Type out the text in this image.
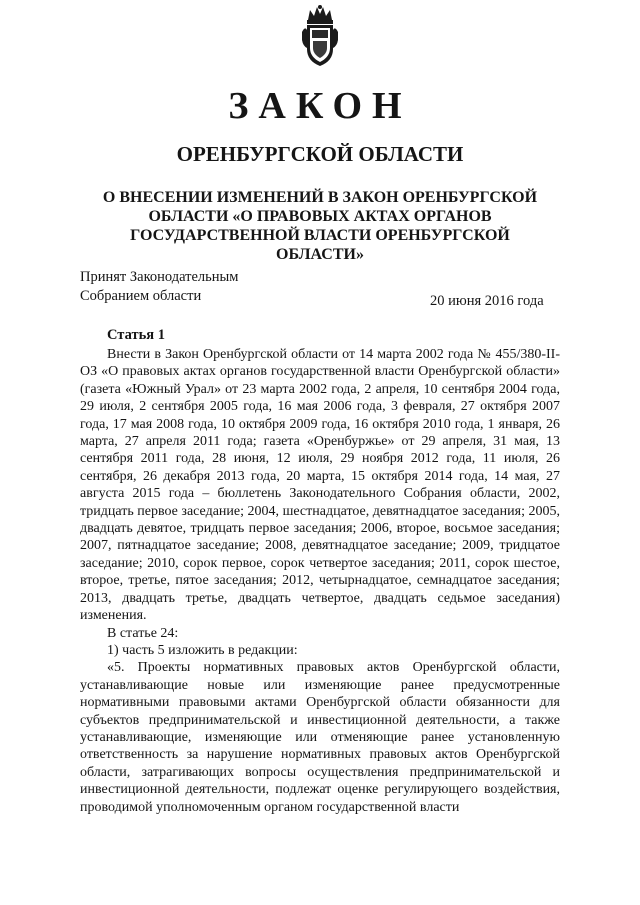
ЗАКОН
ОРЕНБУРГСКОЙ ОБЛАСТИ
О ВНЕСЕНИИ ИЗМЕНЕНИЙ В ЗАКОН ОРЕНБУРГСКОЙ ОБЛАСТИ «О ПРАВОВЫХ АКТАХ ОРГАНОВ ГОСУДАРСТВЕННОЙ ВЛАСТИ ОРЕНБУРГСКОЙ ОБЛАСТИ»
Принят Законодательным
Собранием области	20 июня 2016 года
Статья 1

Внести в Закон Оренбургской области от 14 марта 2002 года № 455/380-II-ОЗ «О правовых актах органов государственной власти Оренбургской области» (газета «Южный Урал» от 23 марта 2002 года, 2 апреля, 10 сентября 2004 года, 29 июля, 2 сентября 2005 года, 16 мая 2006 года, 3 февраля, 27 октября 2007 года, 17 мая 2008 года, 10 октября 2009 года, 16 октября 2010 года, 1 января, 26 марта, 27 апреля 2011 года; газета «Оренбуржье» от 29 апреля, 31 мая, 13 сентября 2011 года, 28 июня, 12 июля, 29 ноября 2012 года, 11 июля, 26 сентября, 26 декабря 2013 года, 20 марта, 15 октября 2014 года, 14 мая, 27 августа 2015 года – бюллетень Законодательного Собрания области, 2002, тридцать первое заседание; 2004, шестнадцатое, девятнадцатое заседания; 2005, двадцать девятое, тридцать первое заседания; 2006, второе, восьмое заседания; 2007, пятнадцатое заседание; 2008, девятнадцатое заседание; 2009, тридцатое заседание; 2010, сорок первое, сорок четвертое заседания; 2011, сорок шестое, второе, третье, пятое заседания; 2012, четырнадцатое, семнадцатое заседания; 2013, двадцать третье, двадцать четвертое, двадцать седьмое заседания) изменения.

В статье 24:

1) часть 5 изложить в редакции:

«5. Проекты нормативных правовых актов Оренбургской области, устанавливающие новые или изменяющие ранее предусмотренные нормативными правовыми актами Оренбургской области обязанности для субъектов предпринимательской и инвестиционной деятельности, а также устанавливающие, изменяющие или отменяющие ранее установленную ответственность за нарушение нормативных правовых актов Оренбургской области, затрагивающих вопросы осуществления предпринимательской и инвестиционной деятельности, подлежат оценке регулирующего воздействия, проводимой уполномоченным органом государственной власти
